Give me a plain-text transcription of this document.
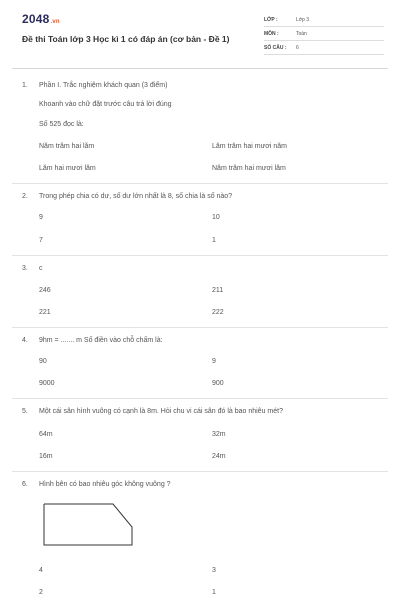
2048.vn
Đề thi Toán lớp 3 Học kì 1 có đáp án (cơ bản - Đề 1)
LỚP :	Lớp 3
MÔN :	Toán
SỐ CÂU : 6
1. Phần I. Trắc nghiệm khách quan (3 điểm)
Khoanh vào chữ đặt trước câu trả lời đúng
Số 525 đọc là:
Năm trăm hai lăm	Lăm trăm hai mươi năm
Lăm hai mươi lăm	Năm trăm hai mươi lăm
2. Trong phép chia có dư, số dư lớn nhất là 8, số chia là số nào?
9	10
7	1
3. c
246	211
221	222
4. 9hm = ....... m Số điền vào chỗ chấm là:
90	9
9000	900
5. Một cái sân hình vuông có cạnh là 8m. Hỏi chu vi cái sân đó là bao nhiêu mét?
64m	32m
16m	24m
6. Hình bên có bao nhiêu góc không vuông ?
4	3
2	1
